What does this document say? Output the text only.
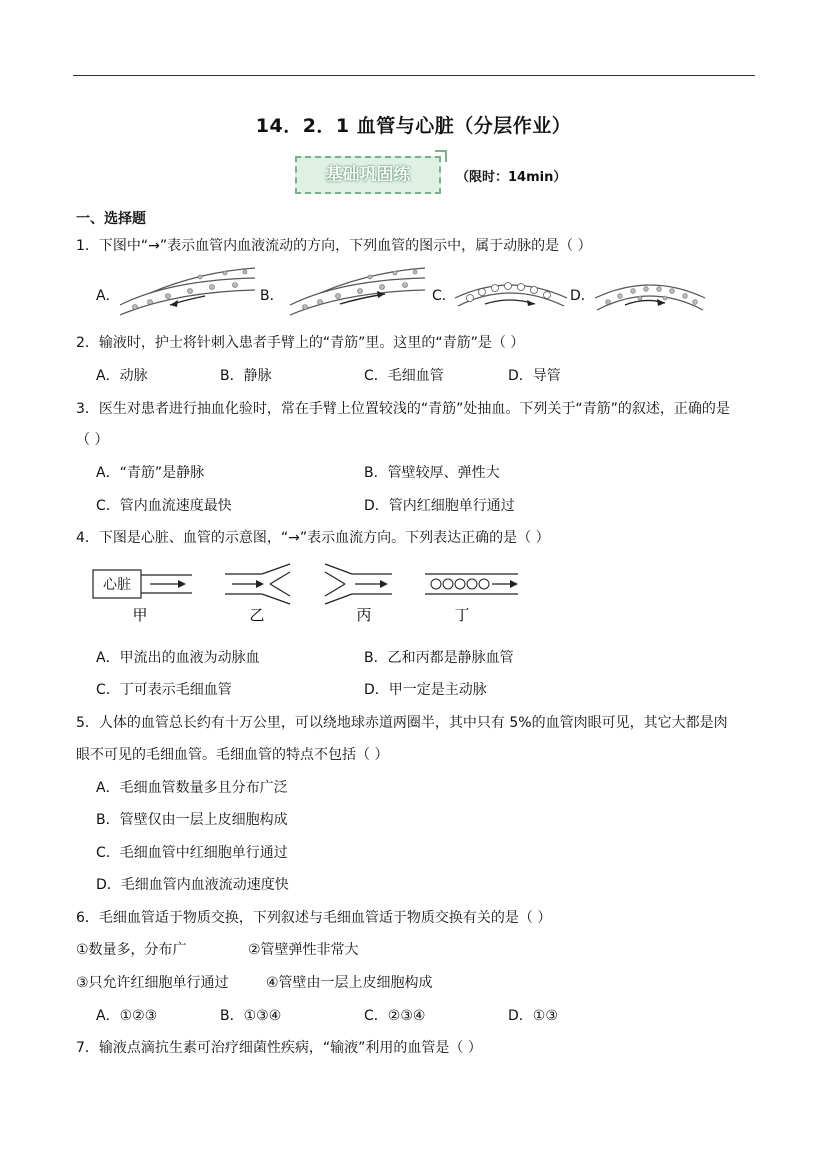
14．2．1 血管与心脏（分层作业）
基础巩固练	（限时：14min）
一、选择题
1．下图中“→”表示血管内血液流动的方向，下列血管的图示中，属于动脉的是（ ）
A．	B．	C．	D．
2．输液时，护士将针刺入患者手臂上的“青筋”里。这里的“青筋”是（ ）
A．动脉	B．静脉	C．毛细血管	D．导管
3．医生对患者进行抽血化验时，常在手臂上位置较浅的“青筋”处抽血。下列关于“青筋”的叙述，正确的是
（ ）
A．“青筋”是静脉	B．管壁较厚、弹性大
C．管内血流速度最快	D．管内红细胞单行通过
4．下图是心脏、血管的示意图，“→”表示血流方向。下列表达正确的是（ ）
心脏
甲	乙	丙	丁
A．甲流出的血液为动脉血	B．乙和丙都是静脉血管
C．丁可表示毛细血管	D．甲一定是主动脉
5．人体的血管总长约有十万公里，可以绕地球赤道两圈半，其中只有 5%的血管肉眼可见，其它大都是肉
眼不可见的毛细血管。毛细血管的特点不包括（ ）
A．毛细血管数量多且分布广泛
B．管壁仅由一层上皮细胞构成
C．毛细血管中红细胞单行通过
D．毛细血管内血液流动速度快
6．毛细血管适于物质交换，下列叙述与毛细血管适于物质交换有关的是（ ）
①数量多，分布广	②管壁弹性非常大
③只允许红细胞单行通过	④管壁由一层上皮细胞构成
A．①②③	B．①③④	C．②③④	D．①③
7．输液点滴抗生素可治疗细菌性疾病，“输液”利用的血管是（ ）
